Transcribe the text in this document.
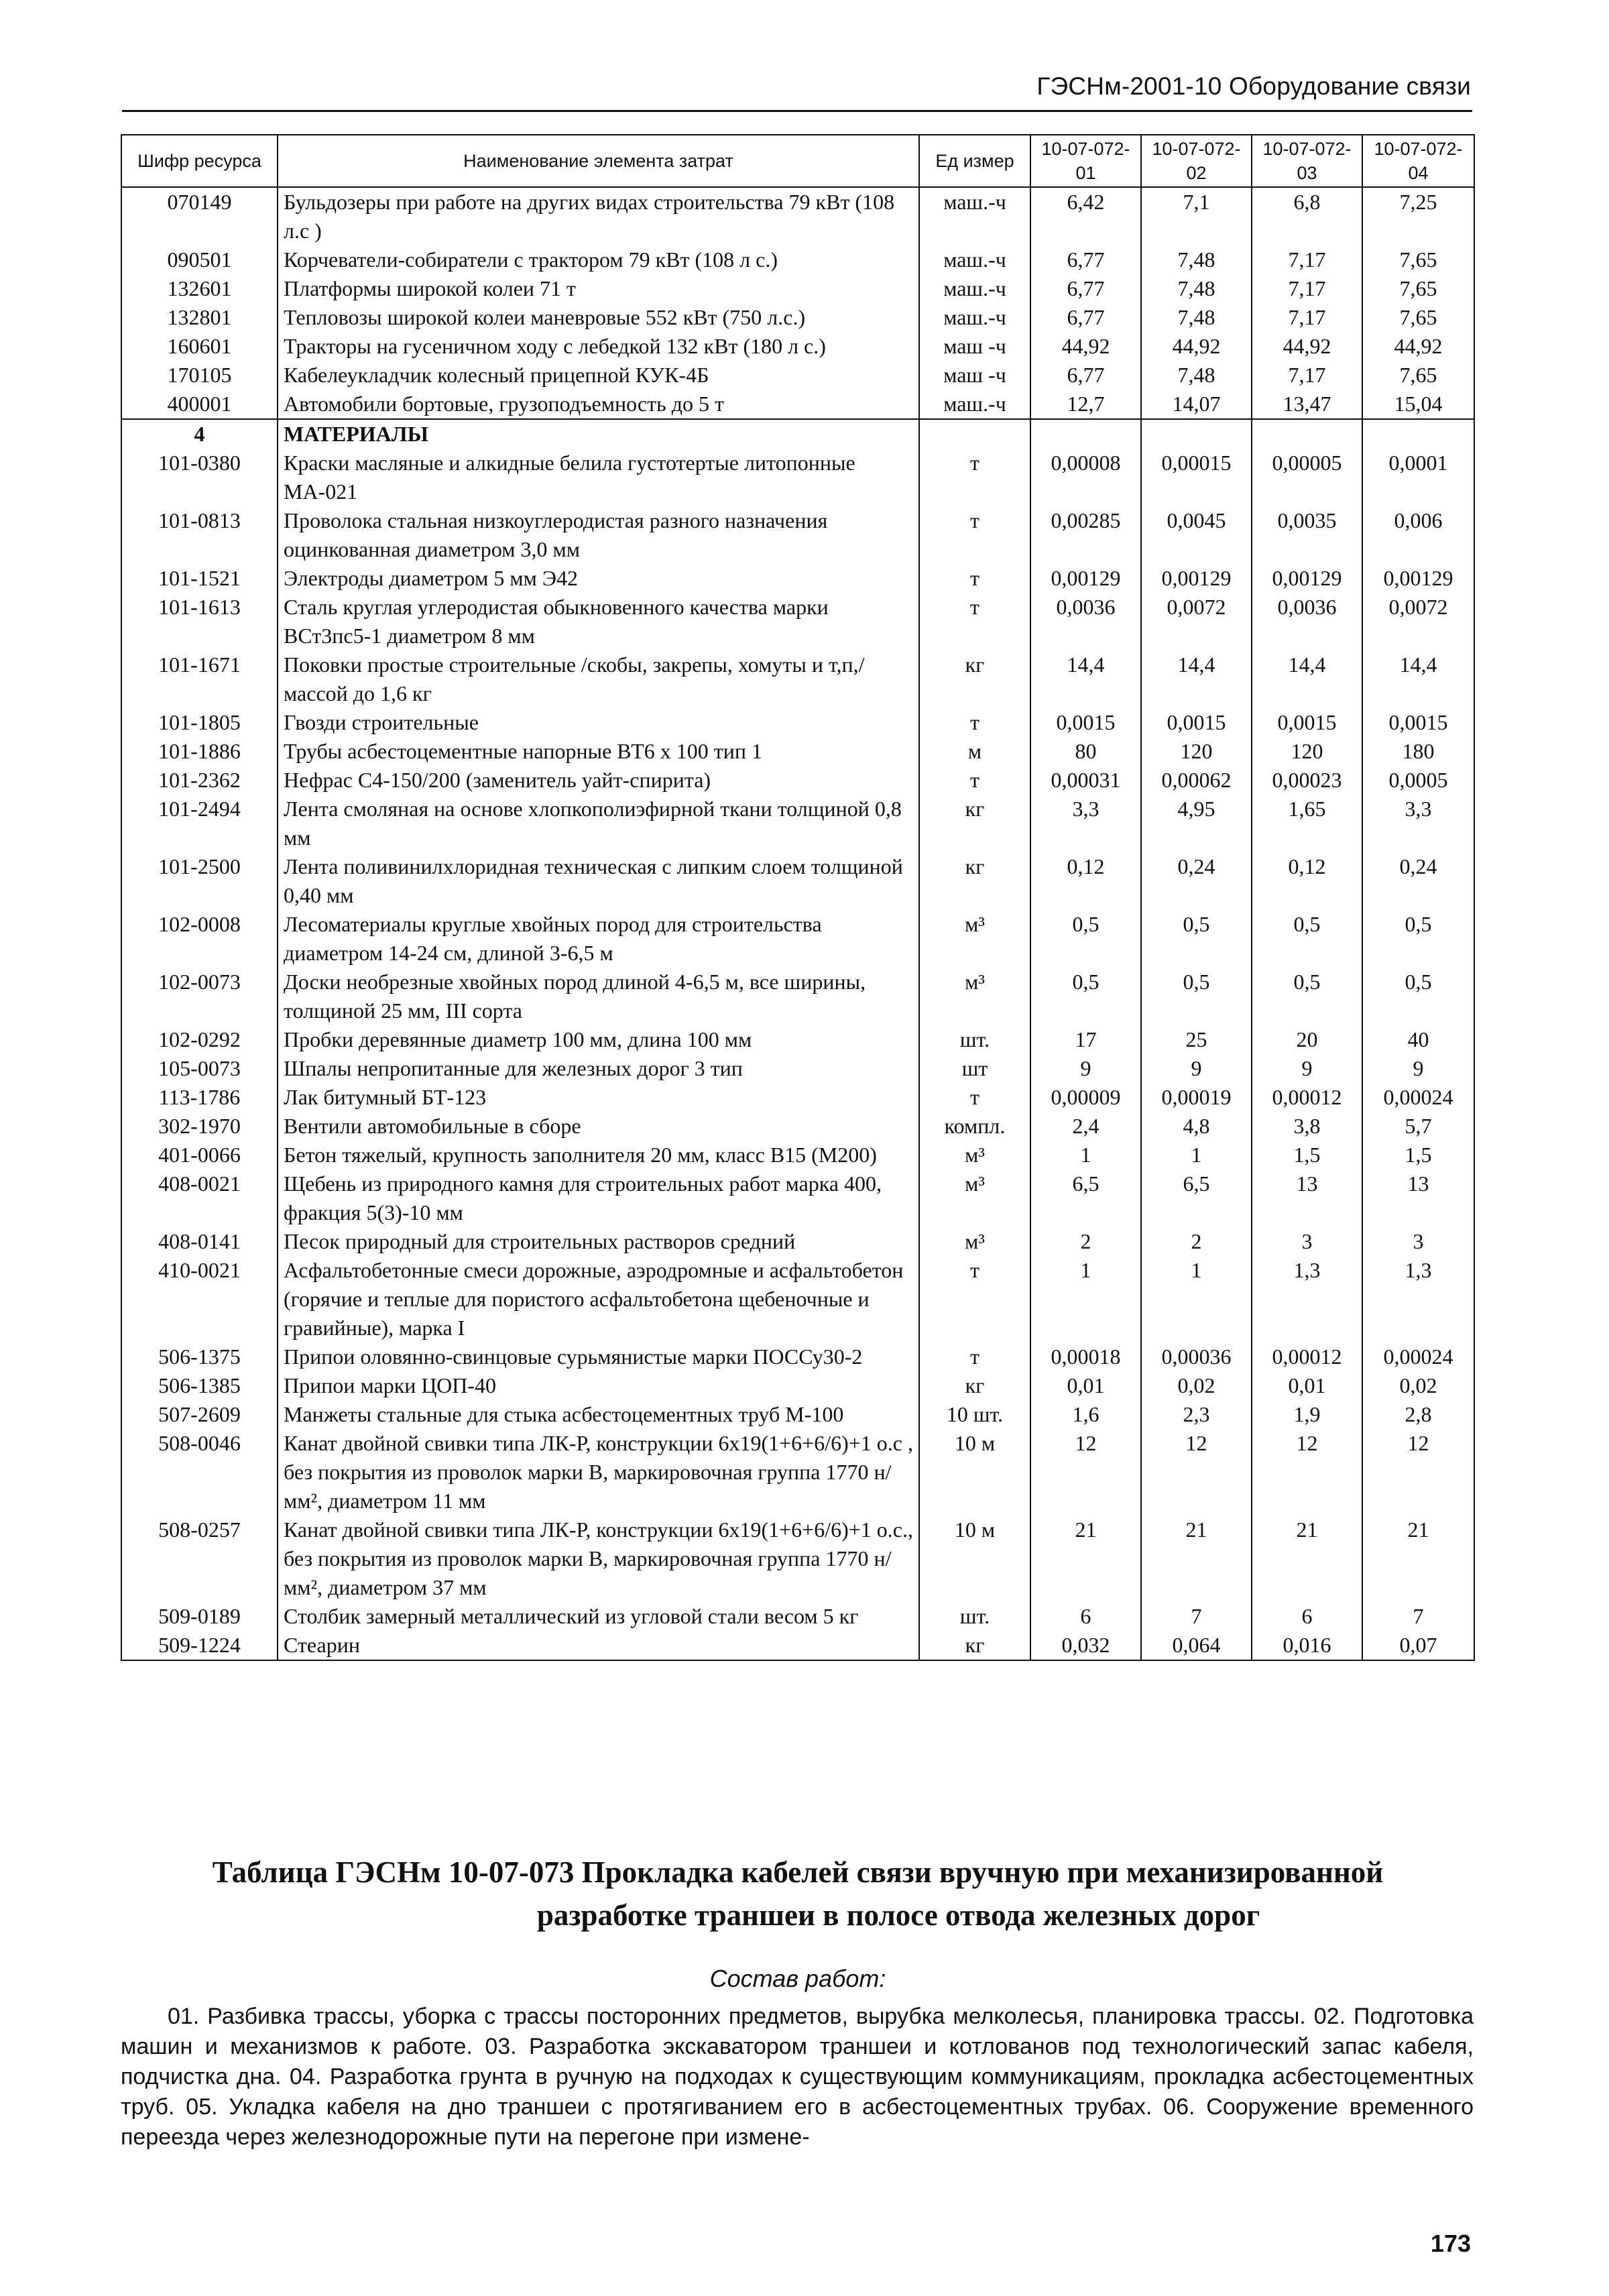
ГЭСНм-2001-10 Оборудование связи
Шифр ресурса	Наименование элемента затрат	Ед измер	10-07-072-01	10-07-072-02	10-07-072-03	10-07-072-04
070149	Бульдозеры при работе на других видах строительства 79 кВт (108 л.с )	маш.-ч	6,42	7,1	6,8	7,25
090501	Корчеватели-собиратели с трактором 79 кВт (108 л с.)	маш.-ч	6,77	7,48	7,17	7,65
132601	Платформы широкой колеи 71 т	маш.-ч	6,77	7,48	7,17	7,65
132801	Тепловозы широкой колеи маневровые 552 кВт (750 л.с.)	маш.-ч	6,77	7,48	7,17	7,65
160601	Тракторы на гусеничном ходу с лебедкой 132 кВт (180 л с.)	маш -ч	44,92	44,92	44,92	44,92
170105	Кабелеукладчик колесный прицепной КУК-4Б	маш -ч	6,77	7,48	7,17	7,65
400001	Автомобили бортовые, грузоподъемность до 5 т	маш.-ч	12,7	14,07	13,47	15,04
4	МАТЕРИАЛЫ					
101-0380	Краски масляные и алкидные белила густотертые литопонные МА-021	т	0,00008	0,00015	0,00005	0,0001
101-0813	Проволока стальная низкоуглеродистая разного назначения оцинкованная диаметром 3,0 мм	т	0,00285	0,0045	0,0035	0,006
101-1521	Электроды диаметром 5 мм Э42	т	0,00129	0,00129	0,00129	0,00129
101-1613	Сталь круглая углеродистая обыкновенного качества марки ВСт3пс5-1 диаметром 8 мм	т	0,0036	0,0072	0,0036	0,0072
101-1671	Поковки простые строительные /скобы, закрепы, хомуты и т,п,/ массой до 1,6 кг	кг	14,4	14,4	14,4	14,4
101-1805	Гвозди строительные	т	0,0015	0,0015	0,0015	0,0015
101-1886	Трубы асбестоцементные напорные ВТ6 х 100 тип 1	м	80	120	120	180
101-2362	Нефрас С4-150/200 (заменитель уайт-спирита)	т	0,00031	0,00062	0,00023	0,0005
101-2494	Лента смоляная на основе хлопкополиэфирной ткани толщиной 0,8 мм	кг	3,3	4,95	1,65	3,3
101-2500	Лента поливинилхлоридная техническая с липким слоем толщиной 0,40 мм	кг	0,12	0,24	0,12	0,24
102-0008	Лесоматериалы круглые хвойных пород для строительства диаметром 14-24 см, длиной 3-6,5 м	м³	0,5	0,5	0,5	0,5
102-0073	Доски необрезные хвойных пород длиной 4-6,5 м, все ширины, толщиной 25 мм, III сорта	м³	0,5	0,5	0,5	0,5
102-0292	Пробки деревянные диаметр 100 мм, длина 100 мм	шт.	17	25	20	40
105-0073	Шпалы непропитанные для железных дорог 3 тип	шт	9	9	9	9
113-1786	Лак битумный БТ-123	т	0,00009	0,00019	0,00012	0,00024
302-1970	Вентили автомобильные в сборе	компл.	2,4	4,8	3,8	5,7
401-0066	Бетон тяжелый, крупность заполнителя 20 мм, класс В15 (М200)	м³	1	1	1,5	1,5
408-0021	Щебень из природного камня для строительных работ марка 400, фракция 5(3)-10 мм	м³	6,5	6,5	13	13
408-0141	Песок природный для строительных растворов средний	м³	2	2	3	3
410-0021	Асфальтобетонные смеси дорожные, аэродромные и асфальтобетон (горячие и теплые для пористого асфальтобетона щебеночные и гравийные), марка I	т	1	1	1,3	1,3
506-1375	Припои оловянно-свинцовые сурьмянистые марки ПОССу30-2	т	0,00018	0,00036	0,00012	0,00024
506-1385	Припои марки ЦОП-40	кг	0,01	0,02	0,01	0,02
507-2609	Манжеты стальные для стыка асбестоцементных труб М-100	10 шт.	1,6	2,3	1,9	2,8
508-0046	Канат двойной свивки типа ЛК-Р, конструкции 6х19(1+6+6/6)+1 о.с , без покрытия из проволок марки В, маркировочная группа 1770 н/мм², диаметром 11 мм	10 м	12	12	12	12
508-0257	Канат двойной свивки типа ЛК-Р, конструкции 6х19(1+6+6/6)+1 о.с., без покрытия из проволок марки В, маркировочная группа 1770 н/мм², диаметром 37 мм	10 м	21	21	21	21
509-0189	Столбик замерный металлический из угловой стали весом 5 кг	шт.	6	7	6	7
509-1224	Стеарин	кг	0,032	0,064	0,016	0,07
Таблица ГЭСНм 10-07-073 Прокладка кабелей связи вручную при механизированной
разработке траншеи в полосе отвода железных дорог
Состав работ:
01. Разбивка трассы, уборка с трассы посторонних предметов, вырубка мелколесья, планировка трассы. 02. Подготовка машин и механизмов к работе. 03. Разработка экскаватором траншеи и котлованов под технологический запас кабеля, подчистка дна. 04. Разработка грунта в ручную на подходах к существующим коммуникациям, прокладка асбестоцементных труб. 05. Укладка кабеля на дно траншеи с протягиванием его в асбестоцементных трубах. 06. Сооружение временного переезда через железнодорожные пути на перегоне при измене-
173
